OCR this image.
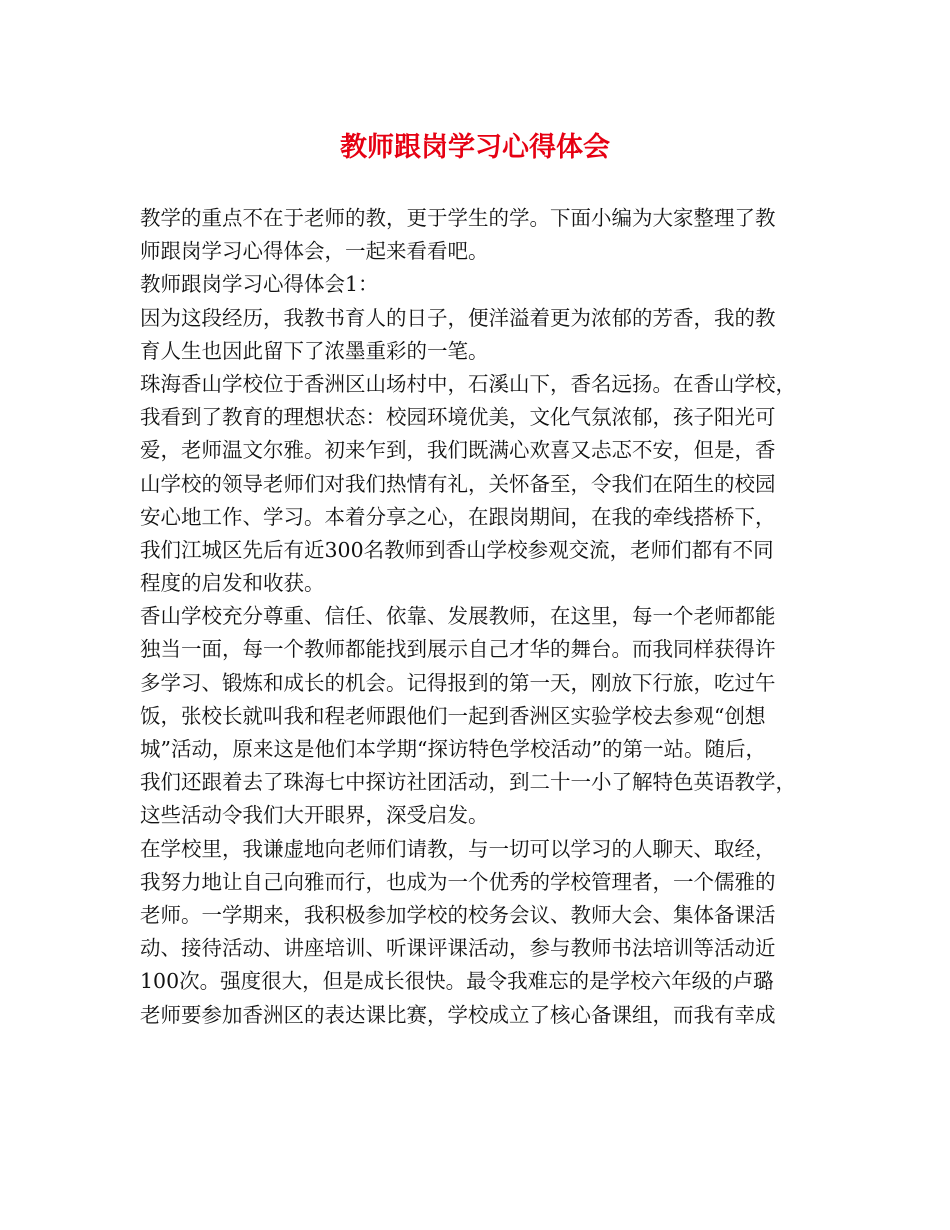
教师跟岗学习心得体会
教学的重点不在于老师的教，更于学生的学。下面小编为大家整理了教
师跟岗学习心得体会，一起来看看吧。
教师跟岗学习心得体会1：
因为这段经历，我教书育人的日子，便洋溢着更为浓郁的芳香，我的教
育人生也因此留下了浓墨重彩的一笔。
珠海香山学校位于香洲区山场村中，石溪山下，香名远扬。在香山学校，
我看到了教育的理想状态：校园环境优美，文化气氛浓郁，孩子阳光可
爱，老师温文尔雅。初来乍到，我们既满心欢喜又忐忑不安，但是，香
山学校的领导老师们对我们热情有礼，关怀备至，令我们在陌生的校园
安心地工作、学习。本着分享之心，在跟岗期间，在我的牵线搭桥下，
我们江城区先后有近300名教师到香山学校参观交流，老师们都有不同
程度的启发和收获。
香山学校充分尊重、信任、依靠、发展教师，在这里，每一个老师都能
独当一面，每一个教师都能找到展示自己才华的舞台。而我同样获得许
多学习、锻炼和成长的机会。记得报到的第一天，刚放下行旅，吃过午
饭，张校长就叫我和程老师跟他们一起到香洲区实验学校去参观“创想
城”活动，原来这是他们本学期“探访特色学校活动”的第一站。随后，
我们还跟着去了珠海七中探访社团活动，到二十一小了解特色英语教学，
这些活动令我们大开眼界，深受启发。
在学校里，我谦虚地向老师们请教，与一切可以学习的人聊天、取经，
我努力地让自己向雅而行，也成为一个优秀的学校管理者，一个儒雅的
老师。一学期来，我积极参加学校的校务会议、教师大会、集体备课活
动、接待活动、讲座培训、听课评课活动，参与教师书法培训等活动近
100次。强度很大，但是成长很快。最令我难忘的是学校六年级的卢璐
老师要参加香洲区的表达课比赛，学校成立了核心备课组，而我有幸成
